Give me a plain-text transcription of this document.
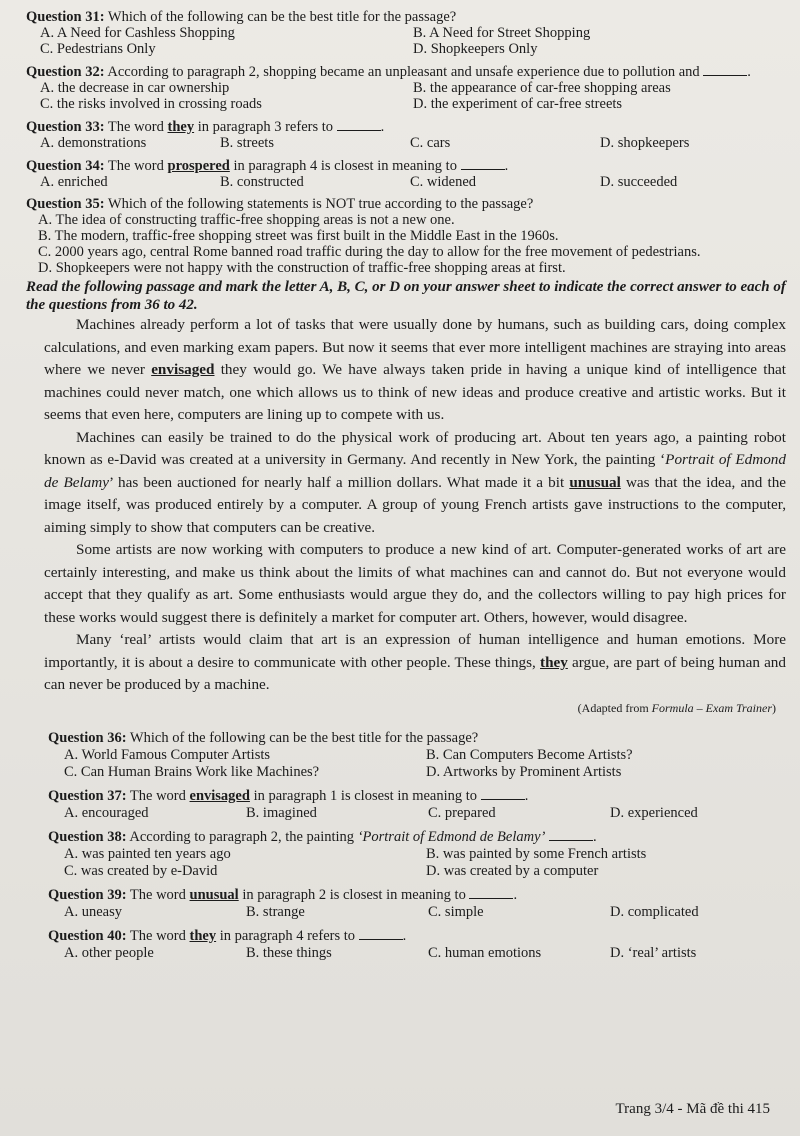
Question 31: Which of the following can be the best title for the passage?
A. A Need for Cashless Shopping	B. A Need for Street Shopping
C. Pedestrians Only	D. Shopkeepers Only
Question 32: According to paragraph 2, shopping became an unpleasant and unsafe experience due to pollution and	.
A. the decrease in car ownership	B. the appearance of car-free shopping areas
C. the risks involved in crossing roads	D. the experiment of car-free streets
Question 33: The word they in paragraph 3 refers to	.
A. demonstrations	B. streets	C. cars	D. shopkeepers
Question 34: The word prospered in paragraph 4 is closest in meaning to	.
A. enriched	B. constructed	C. widened	D. succeeded
Question 35: Which of the following statements is NOT true according to the passage?
A. The idea of constructing traffic-free shopping areas is not a new one.
B. The modern, traffic-free shopping street was first built in the Middle East in the 1960s.
C. 2000 years ago, central Rome banned road traffic during the day to allow for the free movement of pedestrians.
D. Shopkeepers were not happy with the construction of traffic-free shopping areas at first.
Read the following passage and mark the letter A, B, C, or D on your answer sheet to indicate the correct answer to each of the questions from 36 to 42.

Machines already perform a lot of tasks that were usually done by humans, such as building cars, doing complex calculations, and even marking exam papers. But now it seems that ever more intelligent machines are straying into areas where we never envisaged they would go. We have always taken pride in having a unique kind of intelligence that machines could never match, one which allows us to think of new ideas and produce creative and artistic works. But it seems that even here, computers are lining up to compete with us.

Machines can easily be trained to do the physical work of producing art. About ten years ago, a painting robot known as e-David was created at a university in Germany. And recently in New York, the painting ‘Portrait of Edmond de Belamy’ has been auctioned for nearly half a million dollars. What made it a bit unusual was that the idea, and the image itself, was produced entirely by a computer. A group of young French artists gave instructions to the computer, aiming simply to show that computers can be creative.

Some artists are now working with computers to produce a new kind of art. Computer-generated works of art are certainly interesting, and make us think about the limits of what machines can and cannot do. But not everyone would accept that they qualify as art. Some enthusiasts would argue they do, and the collectors willing to pay high prices for these works would suggest there is definitely a market for computer art. Others, however, would disagree.

Many ‘real’ artists would claim that art is an expression of human intelligence and human emotions. More importantly, it is about a desire to communicate with other people. These things, they argue, are part of being human and can never be produced by a machine.

(Adapted from Formula – Exam Trainer)
Question 36: Which of the following can be the best title for the passage?
A. World Famous Computer Artists	B. Can Computers Become Artists?
C. Can Human Brains Work like Machines?	D. Artworks by Prominent Artists
Question 37: The word envisaged in paragraph 1 is closest in meaning to	.
A. encouraged	B. imagined	C. prepared	D. experienced
Question 38: According to paragraph 2, the painting ‘Portrait of Edmond de Belamy’	.
A. was painted ten years ago	B. was painted by some French artists
C. was created by e-David	D. was created by a computer
Question 39: The word unusual in paragraph 2 is closest in meaning to	.
A. uneasy	B. strange	C. simple	D. complicated
Question 40: The word they in paragraph 4 refers to	.
A. other people	B. these things	C. human emotions	D. ‘real’ artists
Trang 3/4 - Mã đề thi 415
